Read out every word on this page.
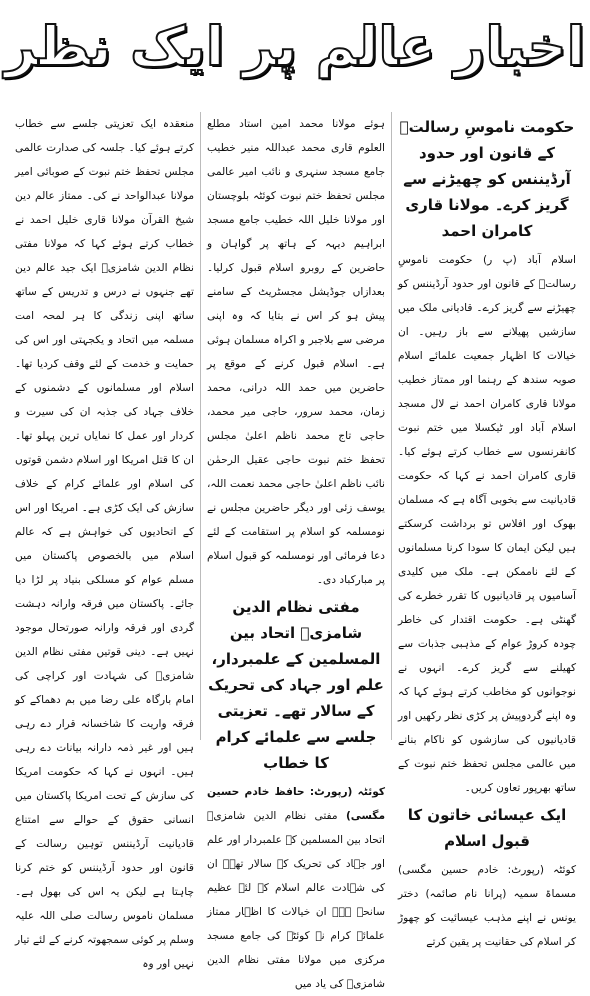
اخبار عالم پر ایک نظر
حکومت ناموسِ رسالتؐ کے قانون اور حدود آرڈیننس کو چھیڑنے سے گریز کرے۔ مولانا قاری کامران احمد

اسلام آباد (پ ر) حکومت ناموسِ رسالتؐ کے قانون اور حدود آرڈیننس کو چھیڑنے سے گریز کرے۔ قادیانی ملک میں سازشیں پھیلانے سے باز رہیں۔ ان خیالات کا اظہار جمعیت علمائے اسلام صوبہ سندھ کے رہنما اور ممتاز خطیب مولانا قاری کامران احمد نے لال مسجد اسلام آباد اور ٹیکسلا میں ختم نبوت کانفرنسوں سے خطاب کرتے ہوئے کیا۔ قاری کامران احمد نے کہا کہ حکومت قادیانیت سے بخوبی آگاہ ہے کہ مسلمان بھوک اور افلاس تو برداشت کرسکتے ہیں لیکن ایمان کا سودا کرنا مسلمانوں کے لئے ناممکن ہے۔ ملک میں کلیدی آسامیوں پر قادیانیوں کا تقرر خطرے کی گھنٹی ہے۔ حکومت اقتدار کی خاطر چودہ کروڑ عوام کے مذہبی جذبات سے کھیلنے سے گریز کرے۔ انہوں نے نوجوانوں کو مخاطب کرتے ہوئے کہا کہ وہ اپنے گردوپیش پر کڑی نظر رکھیں اور قادیانیوں کی سازشوں کو ناکام بنانے میں عالمی مجلس تحفظ ختم نبوت کے ساتھ بھرپور تعاون کریں۔

ایک عیسائی خاتون کا قبول اسلام

کوئٹہ (رپورٹ: خادم حسین مگسی) مسماۃ سمیہ (پرانا نام صائمہ) دختر یونس نے اپنے مذہب عیسائیت کو چھوڑ کر اسلام کی حقانیت پر یقین کرتے

ہوئے مولانا محمد امین استاد مطلع العلوم قاری محمد عبداللہ منیر خطیب جامع مسجد سنہری و نائب امیر عالمی مجلس تحفظ ختم نبوت کوئٹہ بلوچستان اور مولانا خلیل اللہ خطیب جامع مسجد ابراہیم دیہہ کے ہاتھ پر گواہان و حاضرین کے روبرو اسلام قبول کرلیا۔ بعدازاں جوڈیشل مجسٹریٹ کے سامنے پیش ہو کر اس نے بتایا کہ وہ اپنی مرضی سے بلاجبر و اکراہ مسلمان ہوئی ہے۔ اسلام قبول کرنے کے موقع پر حاضرین میں حمد اللہ درانی، محمد زمان، محمد سرور، حاجی میر محمد، حاجی تاج محمد ناظم اعلیٰ مجلس تحفظ ختم نبوت حاجی عقیل الرحمٰن نائب ناظم اعلیٰ حاجی محمد نعمت اللہ، یوسف زئی اور دیگر حاضرین مجلس نے نومسلمہ کو اسلام پر استقامت کے لئے دعا فرمائی اور نومسلمہ کو قبول اسلام پر مبارکباد دی۔

مفتی نظام الدین شامزیؒ اتحاد بین المسلمین کے علمبردار، علم اور جہاد کی تحریک کے سالار تھے۔ تعزیتی جلسے سے علمائے کرام کا خطاب

کوئٹہ (رپورٹ: حافظ خادم حسین مگسی) مفتی نظام الدین شامزیؒ اتحاد بین المسلمین کے علمبردار اور علم اور جہاد کی تحریک کے سالار تھے۔ ان کی شہادت عالم اسلام کے لئے عظیم سانحہ ہے۔ ان خیالات کا اظہار ممتاز علمائے کرام نے کوئٹہ کی جامع مسجد مرکزی میں مولانا مفتی نظام الدین شامزیؒ کی یاد میں

منعقدہ ایک تعزیتی جلسے سے خطاب کرتے ہوئے کیا۔ جلسہ کی صدارت عالمی مجلس تحفظ ختم نبوت کے صوبائی امیر مولانا عبدالواحد نے کی۔ ممتاز عالم دین شیخ القرآن مولانا قاری خلیل احمد نے خطاب کرتے ہوئے کہا کہ مولانا مفتی نظام الدین شامزیؒ ایک جید عالم دین تھے جنہوں نے درس و تدریس کے ساتھ ساتھ اپنی زندگی کا ہر لمحہ امت مسلمہ میں اتحاد و یکجہتی اور اس کی حمایت و خدمت کے لئے وقف کردیا تھا۔ اسلام اور مسلمانوں کے دشمنوں کے خلاف جہاد کی جذبہ ان کی سیرت و کردار اور عمل کا نمایاں ترین پہلو تھا۔ ان کا قتل امریکا اور اسلام دشمن قوتوں کی اسلام اور علمائے کرام کے خلاف سازش کی ایک کڑی ہے۔ امریکا اور اس کے اتحادیوں کی خواہش ہے کہ عالم اسلام میں بالخصوص پاکستان میں مسلم عوام کو مسلکی بنیاد پر لڑا دیا جائے۔ پاکستان میں فرقہ وارانہ دہشت گردی اور فرقہ وارانہ صورتحال موجود نہیں ہے۔ دینی قوتیں مفتی نظام الدین شامزیؒ کی شہادت اور کراچی کی امام بارگاہ علی رضا میں بم دھماکے کو فرقہ واریت کا شاخسانہ قرار دے رہی ہیں اور غیر ذمہ دارانہ بیانات دے رہی ہیں۔ انہوں نے کہا کہ حکومت امریکا کی سازش کے تحت امریکا پاکستان میں انسانی حقوق کے حوالے سے امتناع قادیانیت آرڈیننس توہین رسالت کے قانون اور حدود آرڈیننس کو ختم کرنا چاہتا ہے لیکن یہ اس کی بھول ہے۔ مسلمان ناموس رسالت صلی اللہ علیہ وسلم پر کوئی سمجھوتہ کرنے کے لئے تیار نہیں اور وہ
